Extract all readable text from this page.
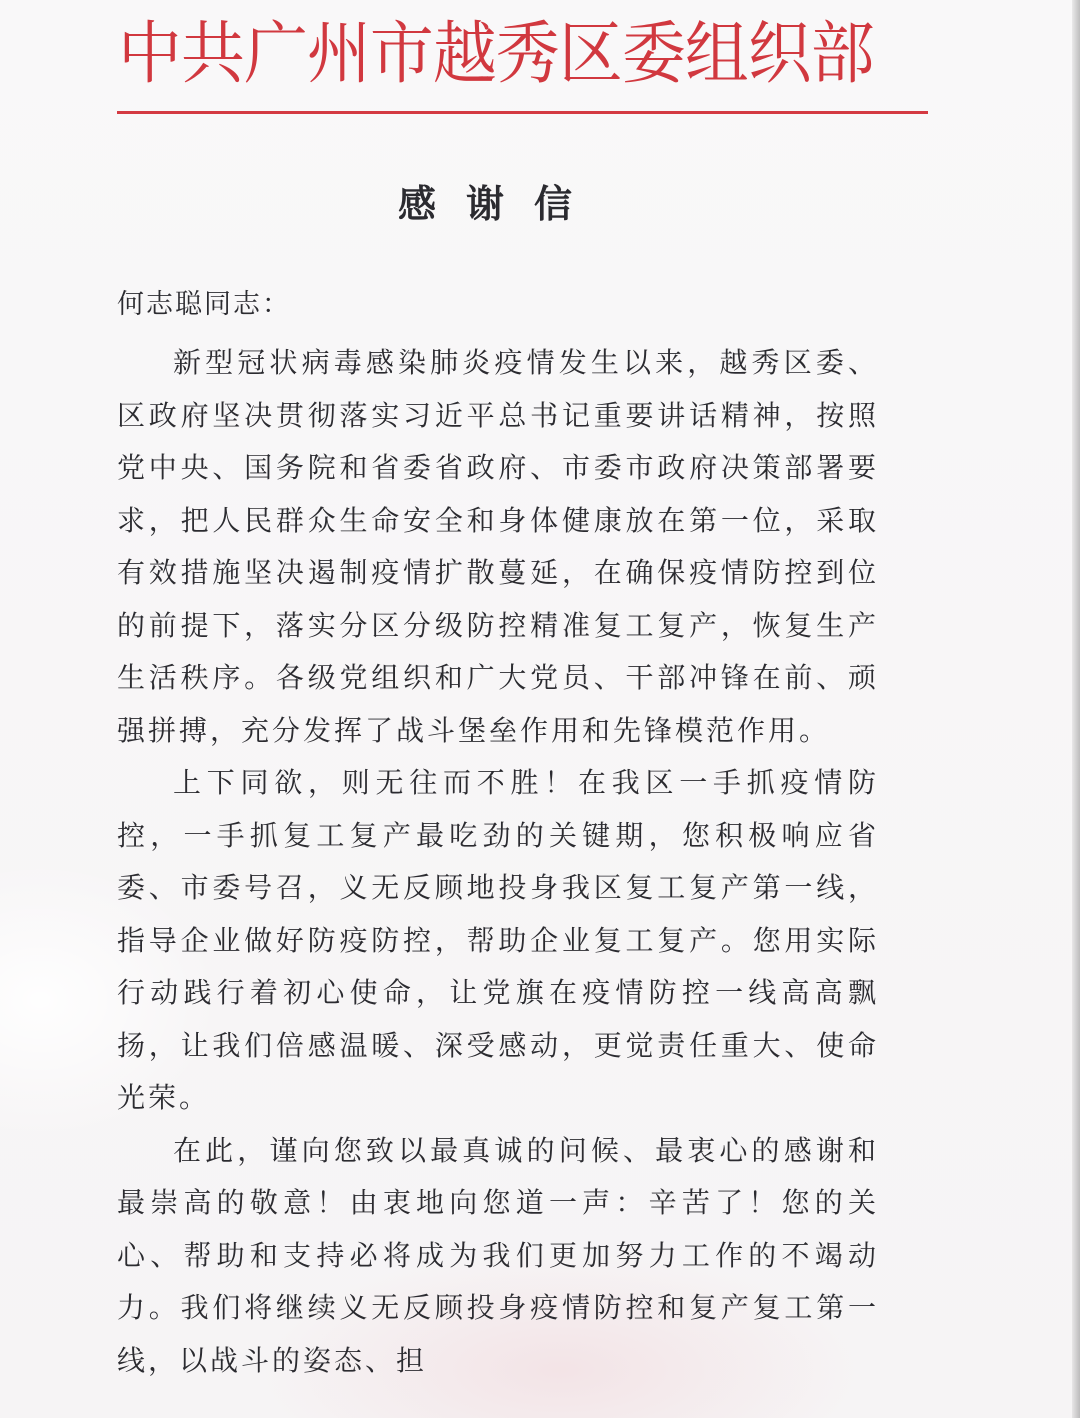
中共广州市越秀区委组织部
感谢信
何志聪同志：

新型冠状病毒感染肺炎疫情发生以来，越秀区委、区政府坚决贯彻落实习近平总书记重要讲话精神，按照党中央、国务院和省委省政府、市委市政府决策部署要求，把人民群众生命安全和身体健康放在第一位，采取有效措施坚决遏制疫情扩散蔓延，在确保疫情防控到位的前提下，落实分区分级防控精准复工复产，恢复生产生活秩序。各级党组织和广大党员、干部冲锋在前、顽强拼搏，充分发挥了战斗堡垒作用和先锋模范作用。

上下同欲，则无往而不胜！在我区一手抓疫情防控，一手抓复工复产最吃劲的关键期，您积极响应省委、市委号召，义无反顾地投身我区复工复产第一线，指导企业做好防疫防控，帮助企业复工复产。您用实际行动践行着初心使命，让党旗在疫情防控一线高高飘扬，让我们倍感温暖、深受感动，更觉责任重大、使命光荣。

在此，谨向您致以最真诚的问候、最衷心的感谢和最崇高的敬意！由衷地向您道一声：辛苦了！您的关心、帮助和支持必将成为我们更加努力工作的不竭动力。我们将继续义无反顾投身疫情防控和复产复工第一线，以战斗的姿态、担
